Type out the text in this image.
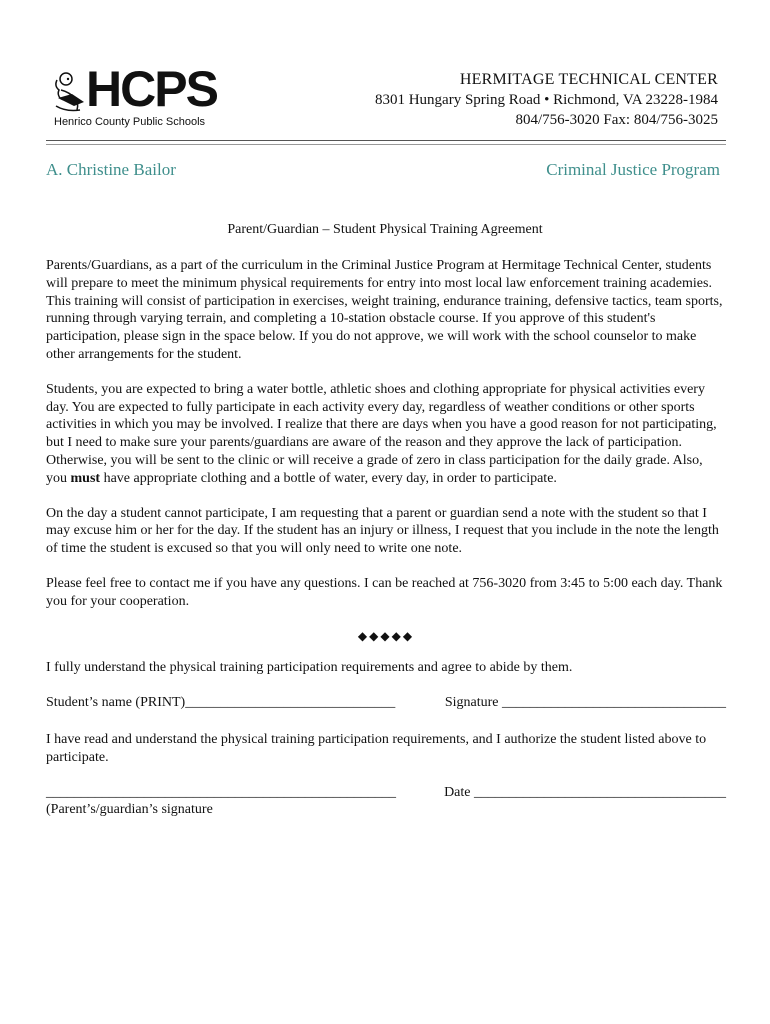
HCPS
Henrico County Public Schools
HERMITAGE TECHNICAL CENTER
8301 Hungary Spring Road • Richmond, VA 23228-1984
804/756-3020 Fax: 804/756-3025
A. Christine Bailor	Criminal Justice Program
Parent/Guardian – Student Physical Training Agreement

Parents/Guardians, as a part of the curriculum in the Criminal Justice Program at Hermitage Technical Center, students will prepare to meet the minimum physical requirements for entry into most local law enforcement training academies. This training will consist of participation in exercises, weight training, endurance training, defensive tactics, team sports, running through varying terrain, and completing a 10-station obstacle course. If you approve of this student's participation, please sign in the space below. If you do not approve, we will work with the school counselor to make other arrangements for the student.

Students, you are expected to bring a water bottle, athletic shoes and clothing appropriate for physical activities every day. You are expected to fully participate in each activity every day, regardless of weather conditions or other sports activities in which you may be involved. I realize that there are days when you have a good reason for not participating, but I need to make sure your parents/guardians are aware of the reason and they approve the lack of participation. Otherwise, you will be sent to the clinic or will receive a grade of zero in class participation for the daily grade. Also, you must have appropriate clothing and a bottle of water, every day, in order to participate.

On the day a student cannot participate, I am requesting that a parent or guardian send a note with the student so that I may excuse him or her for the day. If the student has an injury or illness, I request that you include in the note the length of time the student is excused so that you will only need to write one note.

Please feel free to contact me if you have any questions. I can be reached at 756-3020 from 3:45 to 5:00 each day. Thank you for your cooperation.

◆◆◆◆◆

I fully understand the physical training participation requirements and agree to abide by them.

Student’s name (PRINT)______________________________	Signature ________________________________

I have read and understand the physical training participation requirements, and I authorize the student listed above to participate.

__________________________________________________	Date ____________________________________
(Parent’s/guardian’s signature
